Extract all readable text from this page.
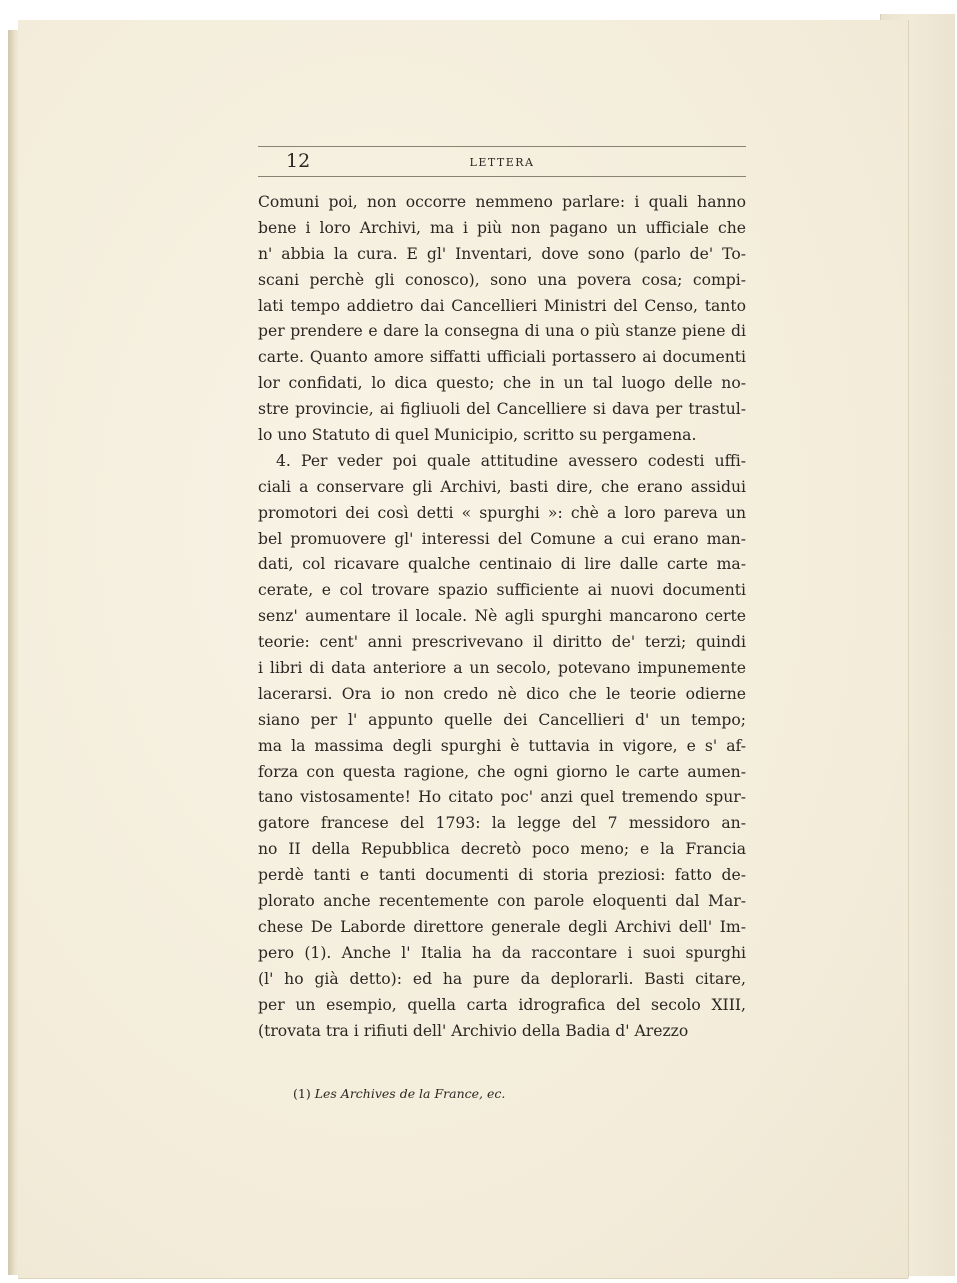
12	LETTERA
Comuni poi, non occorre nemmeno parlare: i quali hanno
bene i loro Archivi, ma i più non pagano un ufficiale che
n' abbia la cura. E gl' Inventari, dove sono (parlo de' To-
scani perchè gli conosco), sono una povera cosa; compi-
lati tempo addietro dai Cancellieri Ministri del Censo, tanto
per prendere e dare la consegna di una o più stanze piene di
carte. Quanto amore siffatti ufficiali portassero ai documenti
lor confidati, lo dica questo; che in un tal luogo delle no-
stre provincie, ai figliuoli del Cancelliere si dava per trastul-
lo uno Statuto di quel Municipio, scritto su pergamena.
4. Per veder poi quale attitudine avessero codesti uffi-
ciali a conservare gli Archivi, basti dire, che erano assidui
promotori dei così detti « spurghi »: chè a loro pareva un
bel promuovere gl' interessi del Comune a cui erano man-
dati, col ricavare qualche centinaio di lire dalle carte ma-
cerate, e col trovare spazio sufficiente ai nuovi documenti
senz' aumentare il locale. Nè agli spurghi mancarono certe
teorie: cent' anni prescrivevano il diritto de' terzi; quindi
i libri di data anteriore a un secolo, potevano impunemente
lacerarsi. Ora io non credo nè dico che le teorie odierne
siano per l' appunto quelle dei Cancellieri d' un tempo;
ma la massima degli spurghi è tuttavia in vigore, e s' af-
forza con questa ragione, che ogni giorno le carte aumen-
tano vistosamente! Ho citato poc' anzi quel tremendo spur-
gatore francese del 1793: la legge del 7 messidoro an-
no II della Repubblica decretò poco meno; e la Francia
perdè tanti e tanti documenti di storia preziosi: fatto de-
plorato anche recentemente con parole eloquenti dal Mar-
chese De Laborde direttore generale degli Archivi dell' Im-
pero (1). Anche l' Italia ha da raccontare i suoi spurghi
(l' ho già detto): ed ha pure da deplorarli. Basti citare,
per un esempio, quella carta idrografica del secolo XIII,
(trovata tra i rifiuti dell' Archivio della Badia d' Arezzo
(1) Les Archives de la France, ec.
